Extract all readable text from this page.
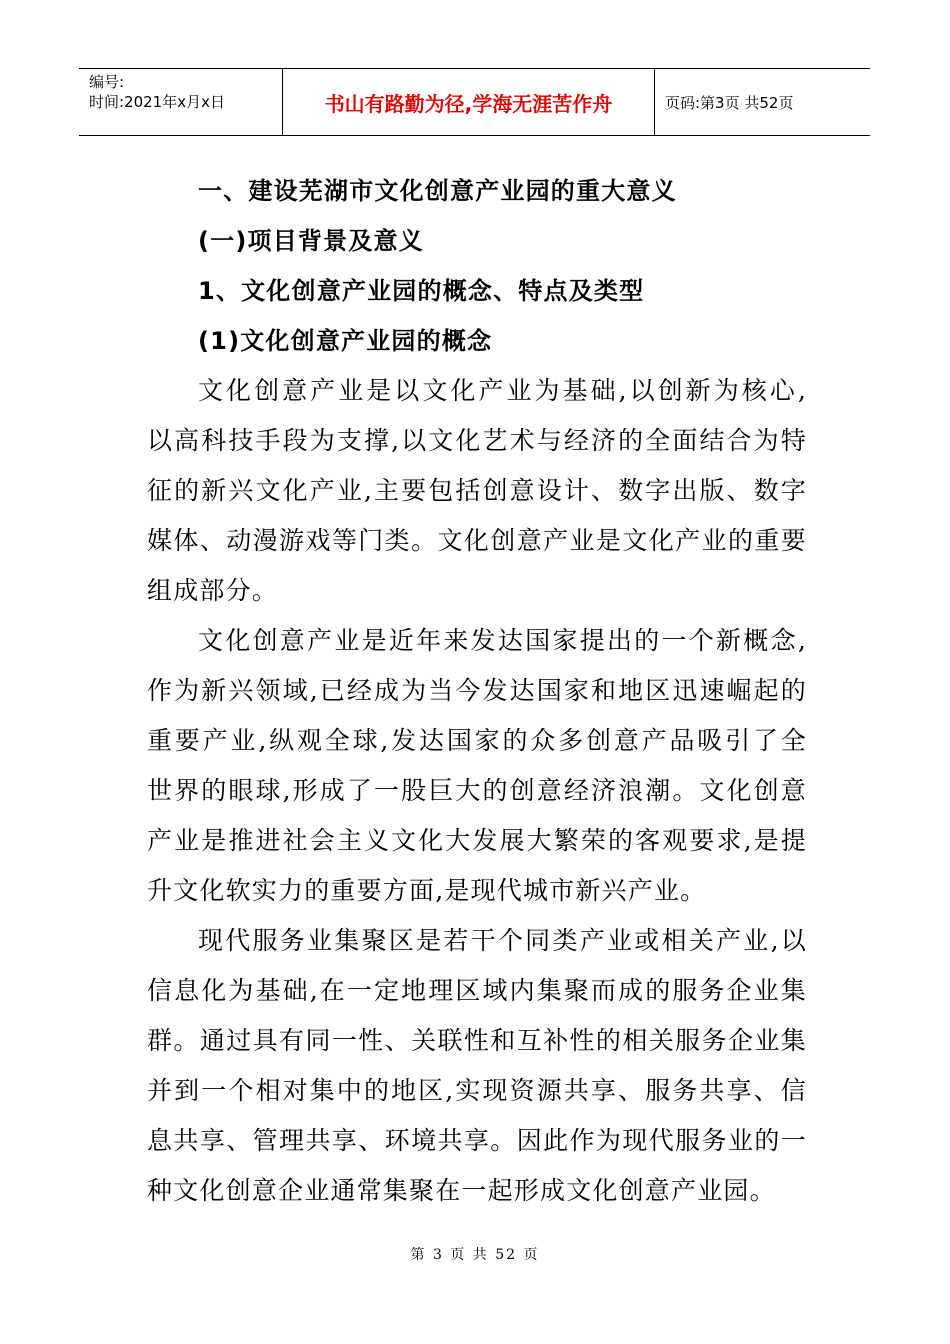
编号:
时间:2021年x月x日	书山有路勤为径,学海无涯苦作舟	页码:第3页 共52页
一、建设芜湖市文化创意产业园的重大意义
(一)项目背景及意义
1、文化创意产业园的概念、特点及类型
(1)文化创意产业园的概念
文化创意产业是以文化产业为基础,以创新为核心,
以高科技手段为支撑,以文化艺术与经济的全面结合为特
征的新兴文化产业,主要包括创意设计、数字出版、数字
媒体、动漫游戏等门类。文化创意产业是文化产业的重要
组成部分。
文化创意产业是近年来发达国家提出的一个新概念,
作为新兴领域,已经成为当今发达国家和地区迅速崛起的
重要产业,纵观全球,发达国家的众多创意产品吸引了全
世界的眼球,形成了一股巨大的创意经济浪潮。文化创意
产业是推进社会主义文化大发展大繁荣的客观要求,是提
升文化软实力的重要方面,是现代城市新兴产业。
现代服务业集聚区是若干个同类产业或相关产业,以
信息化为基础,在一定地理区域内集聚而成的服务企业集
群。通过具有同一性、关联性和互补性的相关服务企业集
并到一个相对集中的地区,实现资源共享、服务共享、信
息共享、管理共享、环境共享。因此作为现代服务业的一
种文化创意企业通常集聚在一起形成文化创意产业园。
第 3 页 共 52 页
